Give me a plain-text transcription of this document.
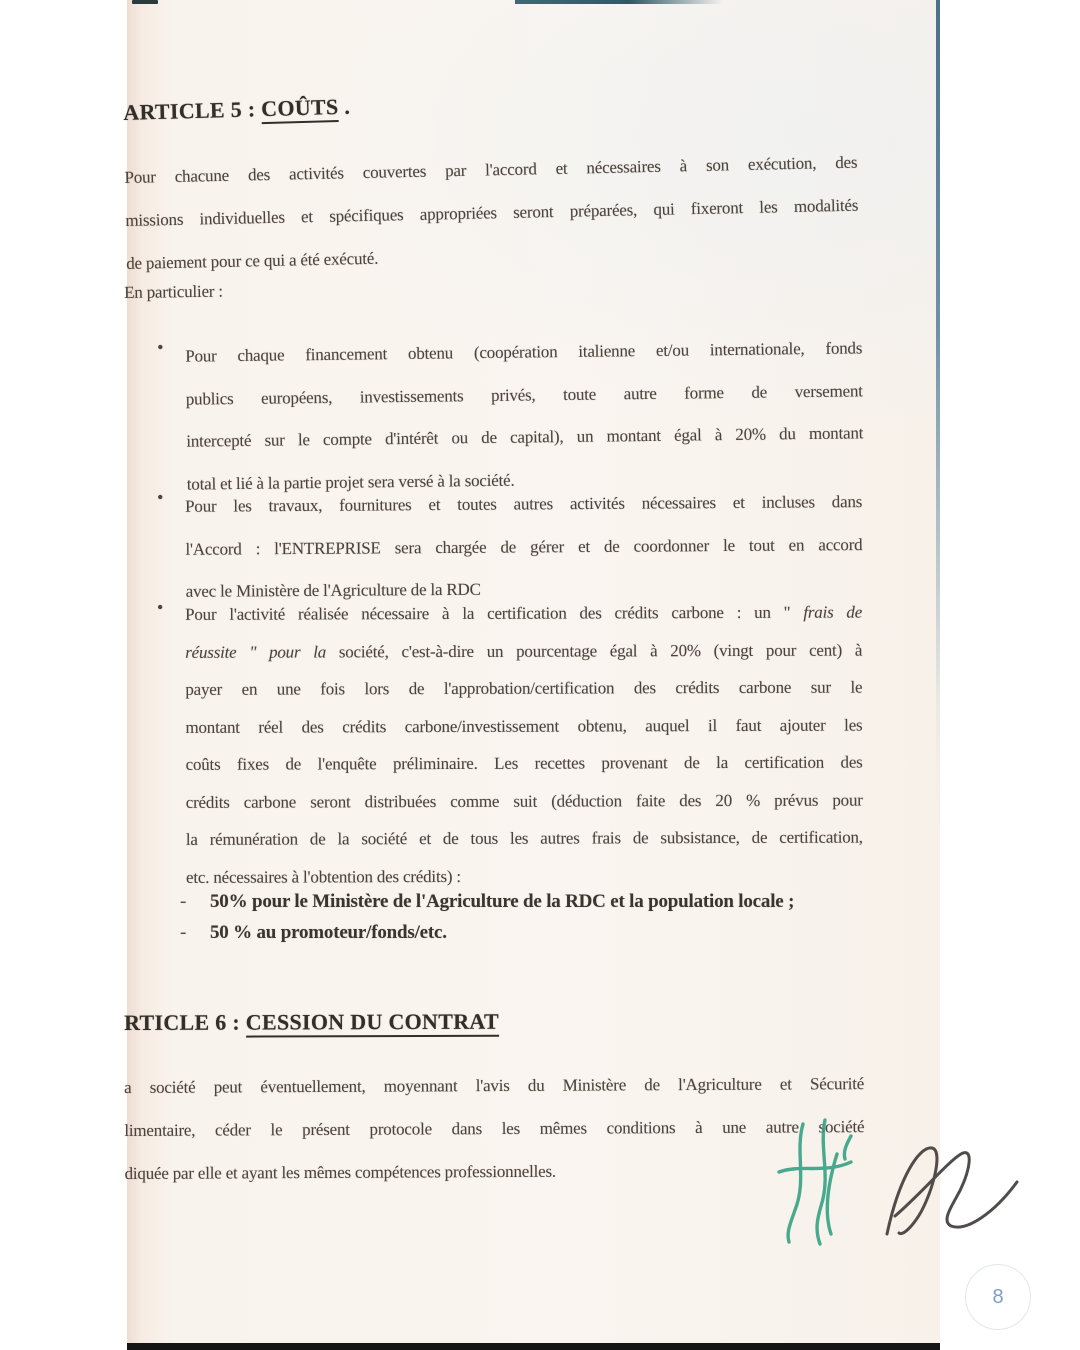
ARTICLE 5 : COÛTS .
Pour chacune des activités couvertes par l'accord et nécessaires à son exécution, des
missions individuelles et spécifiques appropriées seront préparées, qui fixeront les modalités
de paiement pour ce qui a été exécuté.
En particulier :
• Pour chaque financement obtenu (coopération italienne et/ou internationale, fonds
publics européens, investissements privés, toute autre forme de versement
intercepté sur le compte d'intérêt ou de capital), un montant égal à 20% du montant
total et lié à la partie projet sera versé à la société.
• Pour les travaux, fournitures et toutes autres activités nécessaires et incluses dans
l'Accord : l'ENTREPRISE sera chargée de gérer et de coordonner le tout en accord
avec le Ministère de l'Agriculture de la RDC
• Pour l'activité réalisée nécessaire à la certification des crédits carbone : un " frais de
réussite " pour la société, c'est-à-dire un pourcentage égal à 20% (vingt pour cent) à
payer en une fois lors de l'approbation/certification des crédits carbone sur le
montant réel des crédits carbone/investissement obtenu, auquel il faut ajouter les
coûts fixes de l'enquête préliminaire. Les recettes provenant de la certification des
crédits carbone seront distribuées comme suit (déduction faite des 20 % prévus pour
la rémunération de la société et de tous les autres frais de subsistance, de certification,
etc. nécessaires à l'obtention des crédits) :
-	50% pour le Ministère de l'Agriculture de la RDC et la population locale ;
-	50 % au promoteur/fonds/etc.
RTICLE 6 : CESSION DU CONTRAT
a société peut éventuellement, moyennant l'avis du Ministère de l'Agriculture et Sécurité
limentaire, céder le présent protocole dans les mêmes conditions à une autre société
diquée par elle et ayant les mêmes compétences professionnelles.
8
